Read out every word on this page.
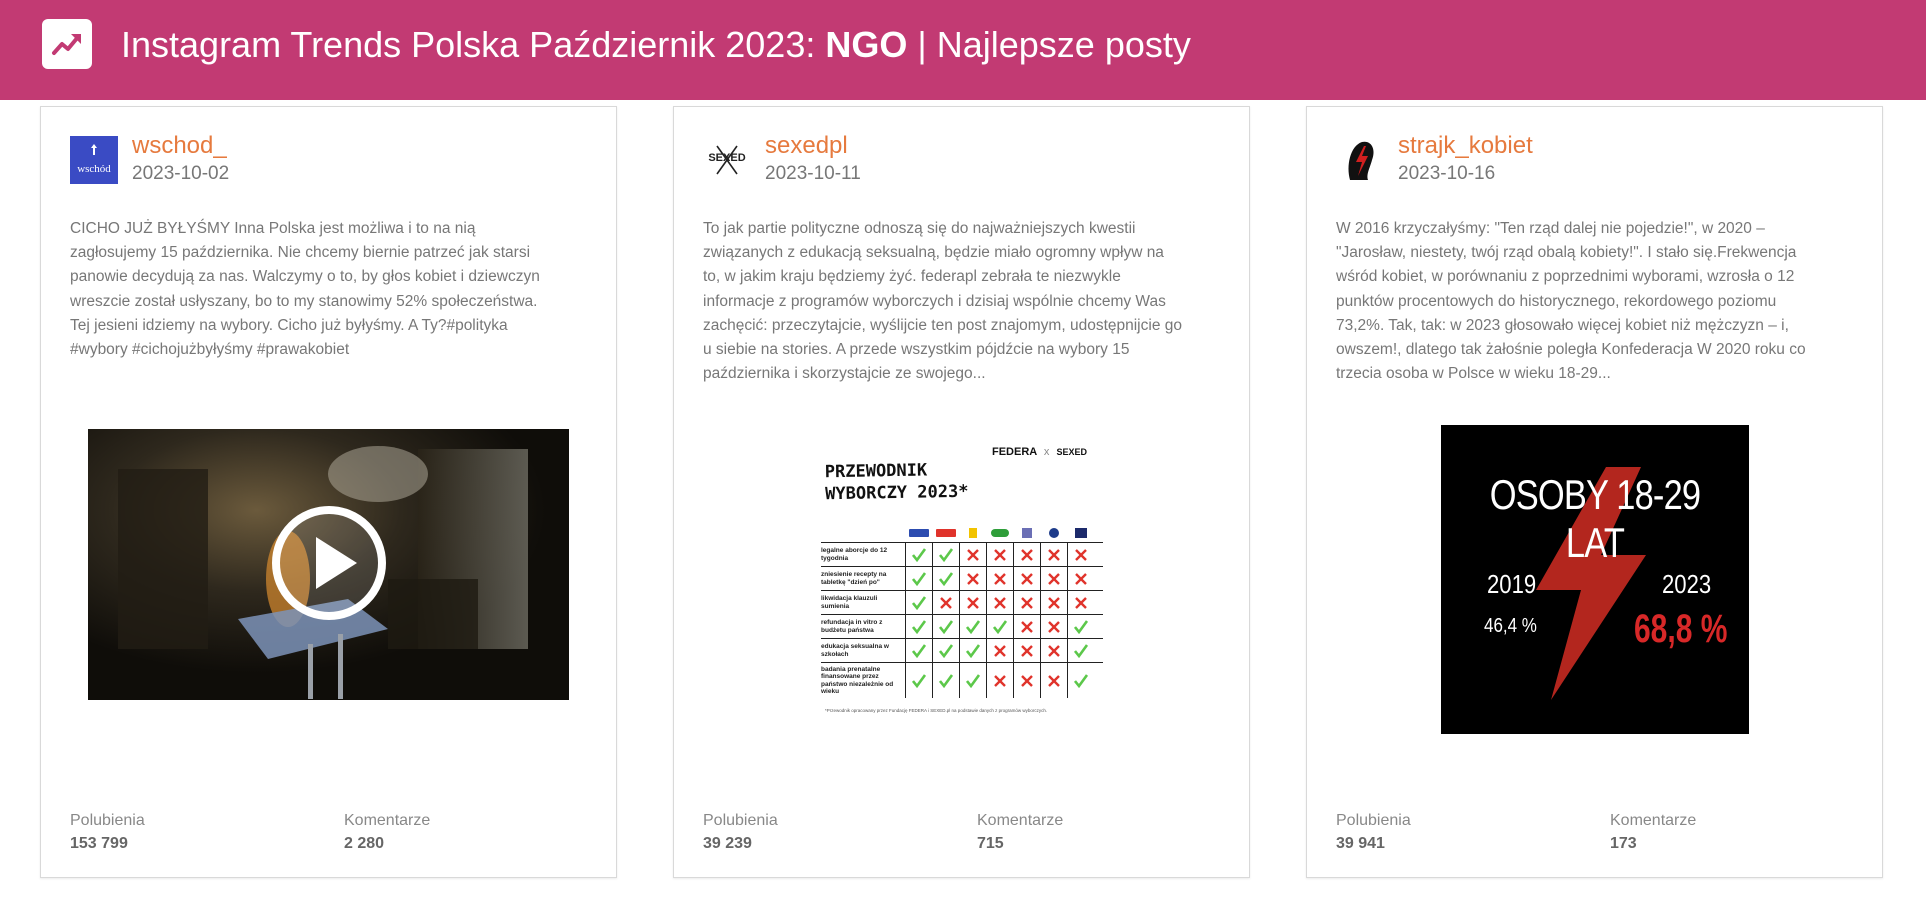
Instagram Trends Polska Październik 2023: NGO | Najlepsze posty
wschód
wschod_
2023-10-02
CICHO JUŻ BYŁYŚMY Inna Polska jest możliwa i to na nią zagłosujemy 15 października. Nie chcemy biernie patrzeć jak starsi panowie decydują za nas. Walczymy o to, by głos kobiet i dziewczyn wreszcie został usłyszany, bo to my stanowimy 52% społeczeństwa. Tej jesieni idziemy na wybory. Cicho już byłyśmy. A Ty?#polityka #wybory #cichojużbyłyśmy #prawakobiet
Polubienia
153 799
Komentarze
2 280
SEXED sexedpl
2023-10-11
To jak partie polityczne odnoszą się do najważniejszych kwestii związanych z edukacją seksualną, będzie miało ogromny wpływ na to, w jakim kraju będziemy żyć. federapl zebrała te niezwykle informacje z programów wyborczych i dzisiaj wspólnie chcemy Was zachęcić: przeczytajcie, wyślijcie ten post znajomym, udostępnijcie go u siebie na stories. A przede wszystkim pójdźcie na wybory 15 października i skorzystajcie ze swojego...
PRZEWODNIK
WYBORCZY 2023*
FEDERA x SEXED
legalne aborcje do 12 tygodnia
zniesienie recepty na tabletkę "dzień po"
likwidacja klauzuli sumienia
refundacja in vitro z budżetu państwa
edukacja seksualna w szkołach
badania prenatalne finansowane przez państwo niezależnie od wieku
*Przewodnik opracowany przez Fundację FEDERA i SEXED.pl na podstawie danych z programów wyborczych.
Polubienia
39 239
Komentarze
715
strajk_kobiet
2023-10-16
W 2016 krzyczałyśmy: "Ten rząd dalej nie pojedzie!", w 2020 – "Jarosław, niestety, twój rząd obalą kobiety!". I stało się.Frekwencja wśród kobiet, w porównaniu z poprzednimi wyborami, wzrosła o 12 punktów procentowych do historycznego, rekordowego poziomu 73,2%. Tak, tak: w 2023 głosowało więcej kobiet niż mężczyzn – i, owszem!, dlatego tak żałośnie poległa Konfederacja W 2020 roku co trzecia osoba w Polsce w wieku 18-29...
OSOBY 18-29 LAT
2019
46,4 %
2023
68,8 %
Polubienia
39 941
Komentarze
173
